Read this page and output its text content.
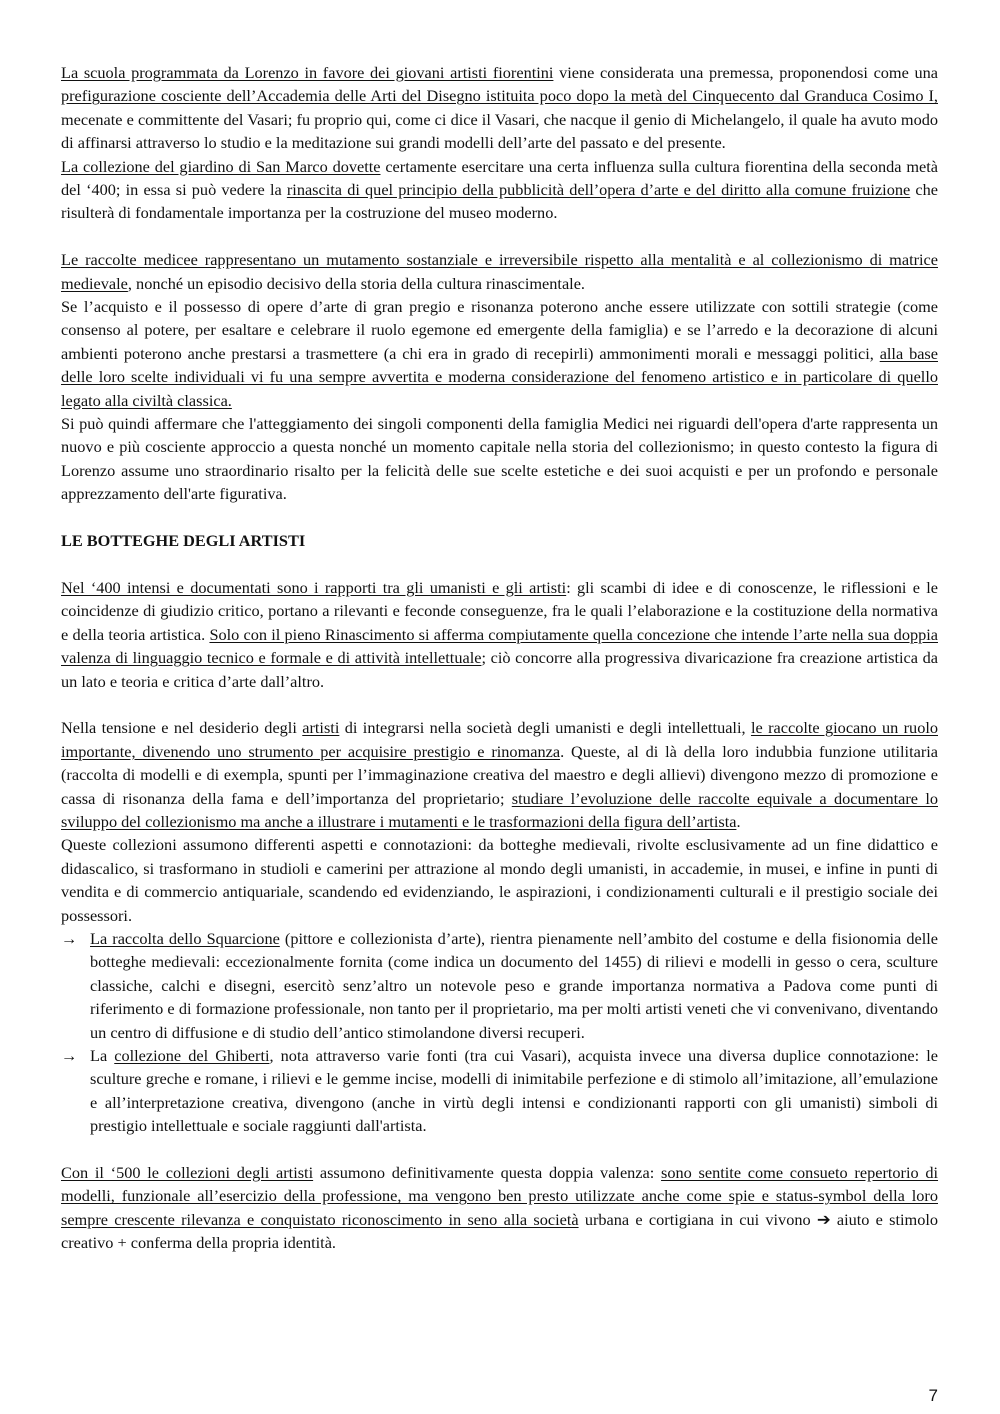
La scuola programmata da Lorenzo in favore dei giovani artisti fiorentini viene considerata una premessa, proponendosi come una prefigurazione cosciente dell’Accademia delle Arti del Disegno istituita poco dopo la metà del Cinquecento dal Granduca Cosimo I, mecenate e committente del Vasari; fu proprio qui, come ci dice il Vasari, che nacque il genio di Michelangelo, il quale ha avuto modo di affinarsi attraverso lo studio e la meditazione sui grandi modelli dell’arte del passato e del presente.

La collezione del giardino di San Marco dovette certamente esercitare una certa influenza sulla cultura fiorentina della seconda metà del ‘400; in essa si può vedere la rinascita di quel principio della pubblicità dell’opera d’arte e del diritto alla comune fruizione che risulterà di fondamentale importanza per la costruzione del museo moderno.

Le raccolte medicee rappresentano un mutamento sostanziale e irreversibile rispetto alla mentalità e al collezionismo di matrice medievale, nonché un episodio decisivo della storia della cultura rinascimentale.

Se l’acquisto e il possesso di opere d’arte di gran pregio e risonanza poterono anche essere utilizzate con sottili strategie (come consenso al potere, per esaltare e celebrare il ruolo egemone ed emergente della famiglia) e se l’arredo e la decorazione di alcuni ambienti poterono anche prestarsi a trasmettere (a chi era in grado di recepirli) ammonimenti morali e messaggi politici, alla base delle loro scelte individuali vi fu una sempre avvertita e moderna considerazione del fenomeno artistico e in particolare di quello legato alla civiltà classica.

Si può quindi affermare che l'atteggiamento dei singoli componenti della famiglia Medici nei riguardi dell'opera d'arte rappresenta un nuovo e più cosciente approccio a questa nonché un momento capitale nella storia del collezionismo; in questo contesto la figura di Lorenzo assume uno straordinario risalto per la felicità delle sue scelte estetiche e dei suoi acquisti e per un profondo e personale apprezzamento dell'arte figurativa.

LE BOTTEGHE DEGLI ARTISTI

Nel ‘400 intensi e documentati sono i rapporti tra gli umanisti e gli artisti: gli scambi di idee e di conoscenze, le riflessioni e le coincidenze di giudizio critico, portano a rilevanti e feconde conseguenze, fra le quali l’elaborazione e la costituzione della normativa e della teoria artistica. Solo con il pieno Rinascimento si afferma compiutamente quella concezione che intende l’arte nella sua doppia valenza di linguaggio tecnico e formale e di attività intellettuale; ciò concorre alla progressiva divaricazione fra creazione artistica da un lato e teoria e critica d’arte dall’altro.

Nella tensione e nel desiderio degli artisti di integrarsi nella società degli umanisti e degli intellettuali, le raccolte giocano un ruolo importante, divenendo uno strumento per acquisire prestigio e rinomanza. Queste, al di là della loro indubbia funzione utilitaria (raccolta di modelli e di exempla, spunti per l’immaginazione creativa del maestro e degli allievi) divengono mezzo di promozione e cassa di risonanza della fama e dell’importanza del proprietario; studiare l’evoluzione delle raccolte equivale a documentare lo sviluppo del collezionismo ma anche a illustrare i mutamenti e le trasformazioni della figura dell’artista.

Queste collezioni assumono differenti aspetti e connotazioni: da botteghe medievali, rivolte esclusivamente ad un fine didattico e didascalico, si trasformano in studioli e camerini per attrazione al mondo degli umanisti, in accademie, in musei, e infine in punti di vendita e di commercio antiquariale, scandendo ed evidenziando, le aspirazioni, i condizionamenti culturali e il prestigio sociale dei possessori.

→ La raccolta dello Squarcione (pittore e collezionista d’arte), rientra pienamente nell’ambito del costume e della fisionomia delle botteghe medievali: eccezionalmente fornita (come indica un documento del 1455) di rilievi e modelli in gesso o cera, sculture classiche, calchi e disegni, esercitò senz’altro un notevole peso e grande importanza normativa a Padova come punti di riferimento e di formazione professionale, non tanto per il proprietario, ma per molti artisti veneti che vi convenivano, diventando un centro di diffusione e di studio dell’antico stimolandone diversi recuperi.

→ La collezione del Ghiberti, nota attraverso varie fonti (tra cui Vasari), acquista invece una diversa duplice connotazione: le sculture greche e romane, i rilievi e le gemme incise, modelli di inimitabile perfezione e di stimolo all’imitazione, all’emulazione e all’interpretazione creativa, divengono (anche in virtù degli intensi e condizionanti rapporti con gli umanisti) simboli di prestigio intellettuale e sociale raggiunti dall'artista.

Con il ‘500 le collezioni degli artisti assumono definitivamente questa doppia valenza: sono sentite come consueto repertorio di modelli, funzionale all’esercizio della professione, ma vengono ben presto utilizzate anche come spie e status-symbol della loro sempre crescente rilevanza e conquistato riconoscimento in seno alla società urbana e cortigiana in cui vivono ➔ aiuto e stimolo creativo + conferma della propria identità.

7
